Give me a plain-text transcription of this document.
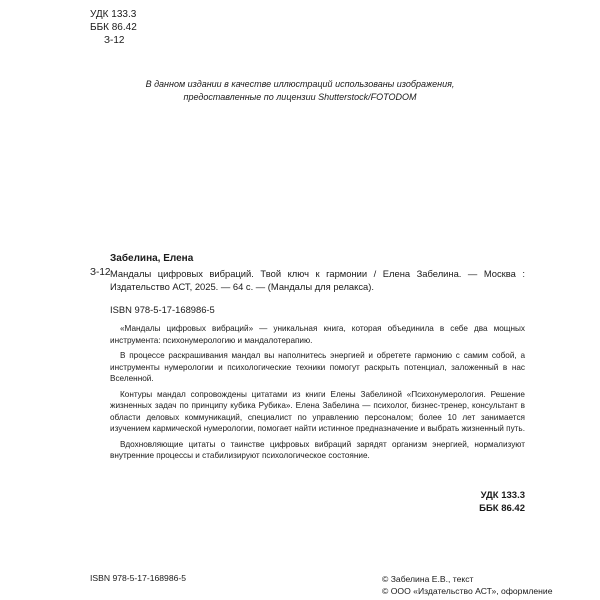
УДК 133.3
ББК 86.42
З-12
В данном издании в качестве иллюстраций использованы изображения,
предоставленные по лицензии Shutterstock/FOTODOM
Забелина, Елена
З-12 Мандалы цифровых вибраций. Твой ключ к гармонии / Елена Забелина. — Москва : Издательство АСТ, 2025. — 64 с. — (Мандалы для релакса).
ISBN 978-5-17-168986-5

«Мандалы цифровых вибраций» — уникальная книга, которая объединила в себе два мощных инструмента: психонумерологию и мандалотерапию.

В процессе раскрашивания мандал вы наполнитесь энергией и обретете гармонию с самим собой, а инструменты нумерологии и психологические техники помогут раскрыть потенциал, заложенный в нас Вселенной.

Контуры мандал сопровождены цитатами из книги Елены Забелиной «Психонумерология. Решение жизненных задач по принципу кубика Рубика». Елена Забелина — психолог, бизнес-тренер, консультант в области деловых коммуникаций, специалист по управлению персоналом; более 10 лет занимается изучением кармической нумерологии, помогает найти истинное предназначение и выбрать жизненный путь.

Вдохновляющие цитаты о таинстве цифровых вибраций зарядят организм энергией, нормализуют внутренние процессы и стабилизируют психологическое состояние.

УДК 133.3
ББК 86.42
ISBN 978-5-17-168986-5	© Забелина Е.В., текст
© ООО «Издательство АСТ», оформление
